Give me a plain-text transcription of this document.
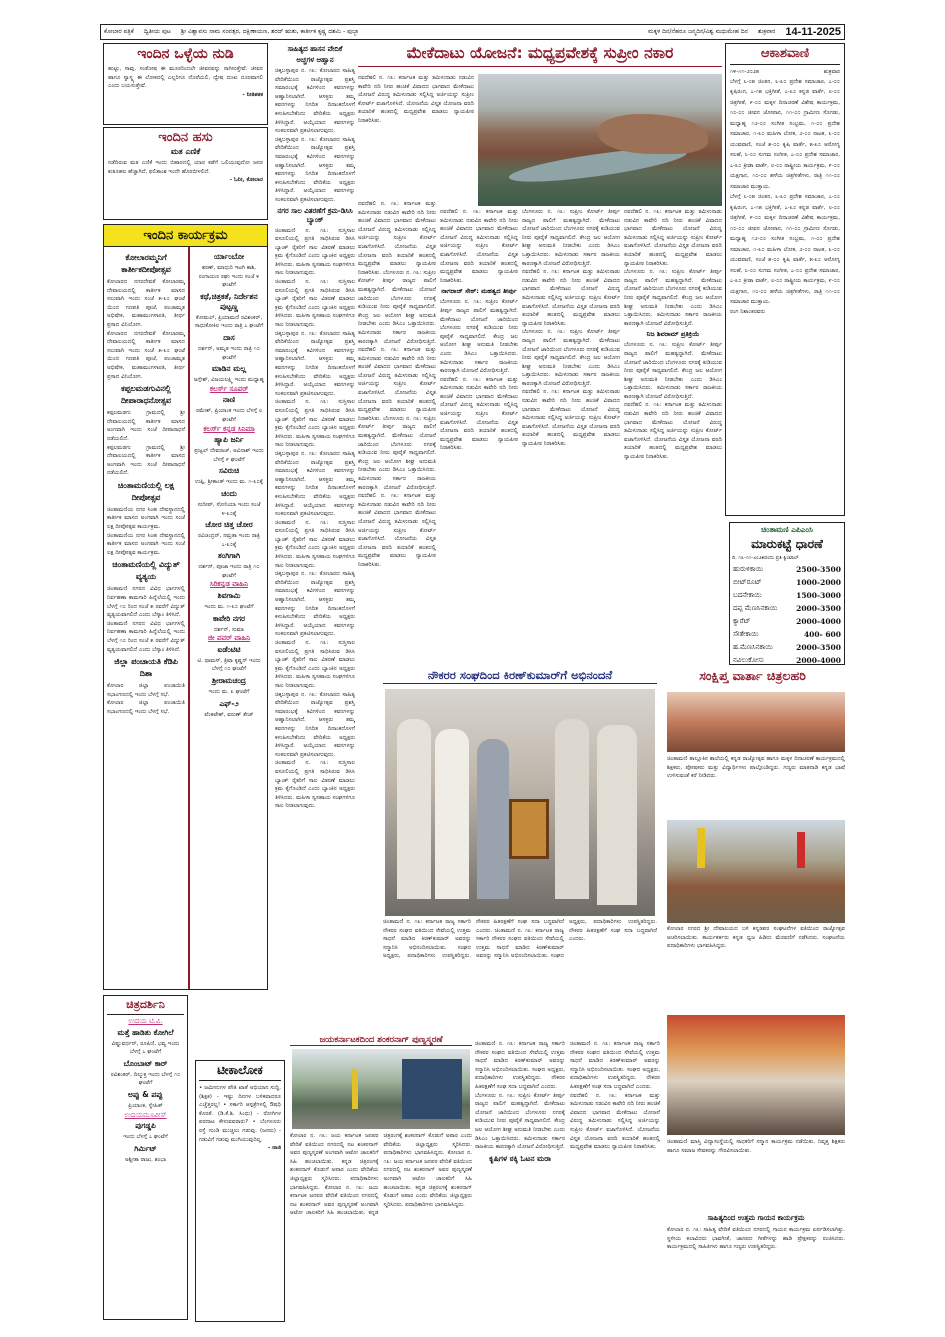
ಕೋಲಾರ ಪತ್ರಿಕೆ ದ್ವಿತೀಯ ಪುಟ ಶ್ರೀ ವಿಶ್ವಾವಸು ನಾಮ ಸಂವತ್ಸರ, ದಕ್ಷಿಣಾಯಣ, ಶರದ್ ಋತು, ಕಾರ್ತೀಕ ಕೃಷ್ಣ ದಶಮಿ - ಪುಬ್ಬಾ	ಮಕ್ಕಳ ದಿನ/ನೆಹರೂ ಜನ್ಮದಿನ/ವಿಶ್ವ ಮಧುಮೇಹ ದಿನ ಶುಕ್ರವಾರ 14-11-2025
ಇಂದಿನ ಒಳ್ಳೆಯ ನುಡಿ
ಹುಟ್ಟು, ಸಾವು, ಸಂತೋಷ ಈ ಮೂರರಿಂದಲೇ ಜೀವನವನ್ನು ಸಾಗಿಸುತ್ತೇವೆ. ಜೀವನ ಹಾಗೂ ಸ್ವಾಸ್ಥ್ಯ ಈ ಲೋಕದಲ್ಲಿ ಎಲ್ಲರಿಗೂ ದೊರೆಯಲಿ, ದ್ವೇಷ ದುಃಖ ದೂರವಾಗಲಿ ಎಂದು ಬಯಸುತ್ತೇವೆ.
- ನೀತಿಶತಕ
ಇಂದಿನ ಹಸು
ಮತ ಎಣಿಕೆ
ನಡೆದಿರುವ ಮತ ಎಣಿಕೆ ಇಂದು ಬಿಹಾರದಲ್ಲಿ ಯಾರ ಕಡೆಗೆ ಒಲಿಯುವುದೋ ಜನರ ಕುತೂಹಲ ಹೆಚ್ಚಾಗಿದೆ, ಫಲಿತಾಂಶ ಇಂದೇ ಹೊರಬೀಳಲಿದೆ.
- ಓನೀ, ಕೋಲಾರ
ಇಂದಿನ ಕಾರ್ಯಕ್ರಮ
ಕೋಲಾರಮ್ಮನಿಗೆ ಕಾರ್ತೀಕದೀಪೋತ್ಸವ
ಕೋಲಾರದ ನಗರದೇವತೆ ಕೋಲಾರಮ್ಮ ದೇವಾಲಯದಲ್ಲಿ ಕಾರ್ತೀಕ ಮಾಸದ ಸಲುವಾಗಿ ಇಂದು ಸಂಜೆ ೫-೩೦ ಘಂಟೆ ಯಿಂದ ಗಣಪತಿ ಪೂಜೆ, ಪಂಚಾಮೃತ ಅಭಿಷೇಕ, ಮಹಾಮಂಗಳಾರತಿ, ತೀರ್ಥ ಪ್ರಸಾದ ವಿನಿಯೋಗ.
ಕೋಲಾರದ ನಗರದೇವತೆ ಕೋಲಾರಮ್ಮ ದೇವಾಲಯದಲ್ಲಿ ಕಾರ್ತೀಕ ಮಾಸದ ಸಲುವಾಗಿ ಇಂದು ಸಂಜೆ ೫-೩೦ ಘಂಟೆ ಯಿಂದ ಗಣಪತಿ ಪೂಜೆ, ಪಂಚಾಮೃತ ಅಭಿಷೇಕ, ಮಹಾಮಂಗಳಾರತಿ, ತೀರ್ಥ ಪ್ರಸಾದ ವಿನಿಯೋಗ.
ಕಪ್ಪಲಮಡಗುವಿನಲ್ಲಿ ದೀಪಾರಾಧನೋತ್ಸವ
ಕಪ್ಪಲಮಡಗು ಗ್ರಾಮದಲ್ಲಿ ಶ್ರೀ ದೇವಾಲಯದಲ್ಲಿ ಕಾರ್ತೀಕ ಮಾಸದ ಅಂಗವಾಗಿ ಇಂದು ಸಂಜೆ ದೀಪಾರಾಧನೆ ನಡೆಯಲಿದೆ.
ಕಪ್ಪಲಮಡಗು ಗ್ರಾಮದಲ್ಲಿ ಶ್ರೀ ದೇವಾಲಯದಲ್ಲಿ ಕಾರ್ತೀಕ ಮಾಸದ ಅಂಗವಾಗಿ ಇಂದು ಸಂಜೆ ದೀಪಾರಾಧನೆ ನಡೆಯಲಿದೆ.
ಚಿಂತಾಮಣಿಯಲ್ಲಿ ಲಕ್ಷ ದೀಪೋತ್ಸವ
ಚಿಂತಾಮಣಿಯ ನಗರ ಸಿಂಹ ದೇವಸ್ಥಾನದಲ್ಲಿ ಕಾರ್ತೀಕ ಮಾಸದ ಅಂಗವಾಗಿ ಇಂದು ಸಂಜೆ ಲಕ್ಷ ದೀಪೋತ್ಸವ ಕಾರ್ಯಕ್ರಮ.
ಚಿಂತಾಮಣಿಯ ನಗರ ಸಿಂಹ ದೇವಸ್ಥಾನದಲ್ಲಿ ಕಾರ್ತೀಕ ಮಾಸದ ಅಂಗವಾಗಿ ಇಂದು ಸಂಜೆ ಲಕ್ಷ ದೀಪೋತ್ಸವ ಕಾರ್ಯಕ್ರಮ.
ಚಿಂತಾಮಣಿಯಲ್ಲಿ ವಿದ್ಯುತ್ ವ್ಯತ್ಯಯ
ಚಿಂತಾಮಣಿ ನಗರದ ವಿವಿಧ ಭಾಗಗಳಲ್ಲಿ ನಿರ್ವಹಣಾ ಕಾಮಗಾರಿ ಹಿನ್ನೆಲೆಯಲ್ಲಿ ಇಂದು ಬೆಳಗ್ಗೆ ೧೦ ರಿಂದ ಸಂಜೆ ೫ ರವರೆಗೆ ವಿದ್ಯುತ್ ವ್ಯತ್ಯಯವಾಗಲಿದೆ ಎಂದು ಬೆಸ್ಕಾಂ ತಿಳಿಸಿದೆ.
ಚಿಂತಾಮಣಿ ನಗರದ ವಿವಿಧ ಭಾಗಗಳಲ್ಲಿ ನಿರ್ವಹಣಾ ಕಾಮಗಾರಿ ಹಿನ್ನೆಲೆಯಲ್ಲಿ ಇಂದು ಬೆಳಗ್ಗೆ ೧೦ ರಿಂದ ಸಂಜೆ ೫ ರವರೆಗೆ ವಿದ್ಯುತ್ ವ್ಯತ್ಯಯವಾಗಲಿದೆ ಎಂದು ಬೆಸ್ಕಾಂ ತಿಳಿಸಿದೆ.
ಜಿಲ್ಲಾ ಪಂಚಾಯತಿ ಕೆಡಿಪಿ ದಿಶಾ
ಕೋಲಾರ ಜಿಲ್ಲಾ ಪಂಚಾಯಿತಿ ಸಭಾಂಗಣದಲ್ಲಿ ಇಂದು ಬೆಳಗ್ಗೆ ಸಭೆ.
ಕೋಲಾರ ಜಿಲ್ಲಾ ಪಂಚಾಯಿತಿ ಸಭಾಂಗಣದಲ್ಲಿ ಇಂದು ಬೆಳಗ್ಗೆ ಸಭೆ.
ರ್ಯಾಂಬೋ
ಶರಣ್, ಮಾಧುರಿ ಇಟಗಿ ಕಾಶಿ, ರಂಗಾಯಣ ರಘು ಇಂದು ಸಂಜೆ ೪ ಘಂಟೆಗೆ
ಕಥೆ,ಚಿತ್ರಕತೆ, ನಿರ್ದೇಶನ ಪುಟ್ಟಣ್ಣ
ಕೋಮಲ್, ಪ್ರಿಯಾಮಣಿ ರವಿಶಂಕರ್, ಸಾಧುಕೋಕಿಲ ಇಂದು ರಾತ್ರಿ ೭ ಘಂಟೆಗೆ
ದಾಸ
ದರ್ಶನ್, ಅಮೃತ ಇಂದು ರಾತ್ರಿ ೧೦ ಘಂಟೆಗೆ
ಮಾಡಿನ ಮಲ್ಲ
ಜಗ್ಗೇಶ್, ವಿಜಯಲಕ್ಷ್ಮಿ ಇಂದು ಮಧ್ಯಾಹ್ನ
ಕಲರ್ಸ್ ಸೂಪರ್
ನಾಣಿ
ರಮೇಶ್, ಪ್ರಿಯಾಂಕ ಇಂದು ಬೆಳಗ್ಗೆ ೮ ಘಂಟೆಗೆ
ಕಲರ್ಸ್ ಕನ್ನಡ ಸಿನಿಮಾ
ಹ್ಯಾಪಿ ಜರ್ನಿ
ಪ್ರಜ್ವಲ್ ದೇವರಾಜ್, ಅವಿನಾಶ್ ಇಂದು ಬೆಳಗ್ಗೆ ೯ ಘಂಟೆಗೆ
ಸವಿರುಚಿ
ಉಪ್ಪಿ, ಶ್ರೀಕಾಂತ್ ಇಂದು ಮ. ೧-೩೦ಕ್ಕೆ
ಚಂದು
ಸುದೀಪ್, ಸೋನಿಯಾ ಇಂದು ಸಂಜೆ ೪-೩೦ಕ್ಕೆ
ಚೋರ ಚಿತ್ತ ಚೋರ
ರವಿಚಂದ್ರನ್, ನಮ್ರತಾ ಇಂದು ರಾತ್ರಿ ೭-೩೦ಕ್ಕೆ
ತಂಗಿಗಾಗಿ
ದರ್ಶನ್, ಪೂಜಾ ಇಂದು ರಾತ್ರಿ ೧೦ ಘಂಟೆಗೆ
ಸಿರಿಕನ್ನಡ ವಾಹಿನಿ
ಶಿವಗಾಮಿ
ಇಂದು ಮ. ೧-೩೦ ಘಂಟೆಗೆ
ಕಾವೇರಿ ನಗರ
ದರ್ಶನ್, ಸುಮಾ
ಜೀ ಪವರ್ ವಾಹಿನಿ
ಐಡೆಂಟಿಟಿ
ಟಿ. ಥಾಮಸ್, ತ್ರಿಷಾ ಕೃಷ್ಣನ್ ಇಂದು ಬೆಳಗ್ಗೆ ೧೦ ಘಂಟೆಗೆ
ಶ್ರೀರಾಮಚಂದ್ರ
ಇಂದು ಮ. ೩ ಘಂಟೆಗೆ
ಎಫ್-೨
ವೆಂಕಟೇಶ್, ವರುಣ್ ತೇಜ್
ಚಿತ್ರದರ್ಶಿನಿ
ಉದಯ ಟಿ.ವಿ.
ಮತ್ತೆ ಹಾಡಿತು ಕೋಗಿಲೆ
ವಿಷ್ಣುವರ್ಧನ್, ರೂಪಿಣಿ, ಭವ್ಯ ಇಂದು ಬೆಳಗ್ಗೆ ೭ ಘಂಟೆಗೆ
ಬೊಂಬಾಟ್ ಕಾರ್
ರವಿಶಂಕರ್, ದಿಲ್ಮುಕ್ತ ಇಂದು ಬೆಳಗ್ಗೆ ೧೦ ಘಂಟೆಗೆ
ಅಪ್ಪು & ಪಪ್ಪು
ಪ್ರಿಯಾಂಕ, ಸ್ನೇಹಿತ್
ಉದಯಮೂವೀಸ್
ಪುಗಡ್ಡಪಿ
ಇಂದು ಬೆಳಗ್ಗೆ ೭ ಘಂಟೆಗೆ
ಗಿರ್ಮಿಟ್
ಅಶ್ಲೀತಾ ರಾಜು, ಶಂಭಾ
ಸಾಹಿತ್ಯದ ಹಾಸನ ವೇದಿಕೆ
ಅಚ್ಚಗಳ ಆಹ್ವಾನ
ಚಿಕ್ಕಬಳ್ಳಾಪುರ ನ. ೧೩: ಕೋಲಾರದ ಸಾಹಿತ್ಯ ವೇದಿಕೆಯಿಂದ ರಾಜ್ಯೋತ್ಸವ ಪ್ರಶಸ್ತಿ ಸಮಾರಂಭಕ್ಕೆ ಕವಿಗಳಿಂದ ಕವನಗಳನ್ನು ಆಹ್ವಾನಿಸಲಾಗಿದೆ. ಆಸಕ್ತರು ತಮ್ಮ ಕವನಗಳನ್ನು ನಿಗದಿತ ದಿನಾಂಕದೊಳಗೆ ಕಳುಹಿಸಬೇಕೆಂದು ವೇದಿಕೆಯ ಅಧ್ಯಕ್ಷರು ತಿಳಿಸಿದ್ದಾರೆ. ಆಯ್ಕೆಯಾದ ಕವನಗಳನ್ನು ಸಂಕಲನವಾಗಿ ಪ್ರಕಟಿಸಲಾಗುವುದು.
ಚಿಕ್ಕಬಳ್ಳಾಪುರ ನ. ೧೩: ಕೋಲಾರದ ಸಾಹಿತ್ಯ ವೇದಿಕೆಯಿಂದ ರಾಜ್ಯೋತ್ಸವ ಪ್ರಶಸ್ತಿ ಸಮಾರಂಭಕ್ಕೆ ಕವಿಗಳಿಂದ ಕವನಗಳನ್ನು ಆಹ್ವಾನಿಸಲಾಗಿದೆ. ಆಸಕ್ತರು ತಮ್ಮ ಕವನಗಳನ್ನು ನಿಗದಿತ ದಿನಾಂಕದೊಳಗೆ ಕಳುಹಿಸಬೇಕೆಂದು ವೇದಿಕೆಯ ಅಧ್ಯಕ್ಷರು ತಿಳಿಸಿದ್ದಾರೆ. ಆಯ್ಕೆಯಾದ ಕವನಗಳನ್ನು ಸಂಕಲನವಾಗಿ ಪ್ರಕಟಿಸಲಾಗುವುದು.
ನಗರ ಸಾಲ ವಿತರಣೆಗೆ ಕ್ರಮ-ಡಿಸಿಸಿ ಬ್ಯಾಂಕ್
ಚಿಂತಾಮಣಿ ನ. ೧೩: ಸುಸ್ತಿಸಾಲ ವಸೂಲಿಯಲ್ಲಿ ಪ್ರಗತಿ ಸಾಧಿಸಿರುವ ಡಿಸಿಸಿ ಬ್ಯಾಂಕ್ ರೈತರಿಗೆ ಸಾಲ ವಿತರಣೆ ಮಾಡಲು ಕ್ರಮ ಕೈಗೊಂಡಿದೆ ಎಂದು ಬ್ಯಾಂಕಿನ ಅಧ್ಯಕ್ಷರು ತಿಳಿಸಿದರು. ಮಹಿಳಾ ಸ್ವಸಹಾಯ ಸಂಘಗಳಿಗೂ ಸಾಲ ನೀಡಲಾಗುವುದು.
ಚಿಂತಾಮಣಿ ನ. ೧೩: ಸುಸ್ತಿಸಾಲ ವಸೂಲಿಯಲ್ಲಿ ಪ್ರಗತಿ ಸಾಧಿಸಿರುವ ಡಿಸಿಸಿ ಬ್ಯಾಂಕ್ ರೈತರಿಗೆ ಸಾಲ ವಿತರಣೆ ಮಾಡಲು ಕ್ರಮ ಕೈಗೊಂಡಿದೆ ಎಂದು ಬ್ಯಾಂಕಿನ ಅಧ್ಯಕ್ಷರು ತಿಳಿಸಿದರು. ಮಹಿಳಾ ಸ್ವಸಹಾಯ ಸಂಘಗಳಿಗೂ ಸಾಲ ನೀಡಲಾಗುವುದು.
ಚಿಕ್ಕಬಳ್ಳಾಪುರ ನ. ೧೩: ಕೋಲಾರದ ಸಾಹಿತ್ಯ ವೇದಿಕೆಯಿಂದ ರಾಜ್ಯೋತ್ಸವ ಪ್ರಶಸ್ತಿ ಸಮಾರಂಭಕ್ಕೆ ಕವಿಗಳಿಂದ ಕವನಗಳನ್ನು ಆಹ್ವಾನಿಸಲಾಗಿದೆ. ಆಸಕ್ತರು ತಮ್ಮ ಕವನಗಳನ್ನು ನಿಗದಿತ ದಿನಾಂಕದೊಳಗೆ ಕಳುಹಿಸಬೇಕೆಂದು ವೇದಿಕೆಯ ಅಧ್ಯಕ್ಷರು ತಿಳಿಸಿದ್ದಾರೆ. ಆಯ್ಕೆಯಾದ ಕವನಗಳನ್ನು ಸಂಕಲನವಾಗಿ ಪ್ರಕಟಿಸಲಾಗುವುದು.
ಚಿಂತಾಮಣಿ ನ. ೧೩: ಸುಸ್ತಿಸಾಲ ವಸೂಲಿಯಲ್ಲಿ ಪ್ರಗತಿ ಸಾಧಿಸಿರುವ ಡಿಸಿಸಿ ಬ್ಯಾಂಕ್ ರೈತರಿಗೆ ಸಾಲ ವಿತರಣೆ ಮಾಡಲು ಕ್ರಮ ಕೈಗೊಂಡಿದೆ ಎಂದು ಬ್ಯಾಂಕಿನ ಅಧ್ಯಕ್ಷರು ತಿಳಿಸಿದರು. ಮಹಿಳಾ ಸ್ವಸಹಾಯ ಸಂಘಗಳಿಗೂ ಸಾಲ ನೀಡಲಾಗುವುದು.
ಚಿಕ್ಕಬಳ್ಳಾಪುರ ನ. ೧೩: ಕೋಲಾರದ ಸಾಹಿತ್ಯ ವೇದಿಕೆಯಿಂದ ರಾಜ್ಯೋತ್ಸವ ಪ್ರಶಸ್ತಿ ಸಮಾರಂಭಕ್ಕೆ ಕವಿಗಳಿಂದ ಕವನಗಳನ್ನು ಆಹ್ವಾನಿಸಲಾಗಿದೆ. ಆಸಕ್ತರು ತಮ್ಮ ಕವನಗಳನ್ನು ನಿಗದಿತ ದಿನಾಂಕದೊಳಗೆ ಕಳುಹಿಸಬೇಕೆಂದು ವೇದಿಕೆಯ ಅಧ್ಯಕ್ಷರು ತಿಳಿಸಿದ್ದಾರೆ. ಆಯ್ಕೆಯಾದ ಕವನಗಳನ್ನು ಸಂಕಲನವಾಗಿ ಪ್ರಕಟಿಸಲಾಗುವುದು.
ಚಿಂತಾಮಣಿ ನ. ೧೩: ಸುಸ್ತಿಸಾಲ ವಸೂಲಿಯಲ್ಲಿ ಪ್ರಗತಿ ಸಾಧಿಸಿರುವ ಡಿಸಿಸಿ ಬ್ಯಾಂಕ್ ರೈತರಿಗೆ ಸಾಲ ವಿತರಣೆ ಮಾಡಲು ಕ್ರಮ ಕೈಗೊಂಡಿದೆ ಎಂದು ಬ್ಯಾಂಕಿನ ಅಧ್ಯಕ್ಷರು ತಿಳಿಸಿದರು. ಮಹಿಳಾ ಸ್ವಸಹಾಯ ಸಂಘಗಳಿಗೂ ಸಾಲ ನೀಡಲಾಗುವುದು.
ಚಿಕ್ಕಬಳ್ಳಾಪುರ ನ. ೧೩: ಕೋಲಾರದ ಸಾಹಿತ್ಯ ವೇದಿಕೆಯಿಂದ ರಾಜ್ಯೋತ್ಸವ ಪ್ರಶಸ್ತಿ ಸಮಾರಂಭಕ್ಕೆ ಕವಿಗಳಿಂದ ಕವನಗಳನ್ನು ಆಹ್ವಾನಿಸಲಾಗಿದೆ. ಆಸಕ್ತರು ತಮ್ಮ ಕವನಗಳನ್ನು ನಿಗದಿತ ದಿನಾಂಕದೊಳಗೆ ಕಳುಹಿಸಬೇಕೆಂದು ವೇದಿಕೆಯ ಅಧ್ಯಕ್ಷರು ತಿಳಿಸಿದ್ದಾರೆ. ಆಯ್ಕೆಯಾದ ಕವನಗಳನ್ನು ಸಂಕಲನವಾಗಿ ಪ್ರಕಟಿಸಲಾಗುವುದು.
ಚಿಂತಾಮಣಿ ನ. ೧೩: ಸುಸ್ತಿಸಾಲ ವಸೂಲಿಯಲ್ಲಿ ಪ್ರಗತಿ ಸಾಧಿಸಿರುವ ಡಿಸಿಸಿ ಬ್ಯಾಂಕ್ ರೈತರಿಗೆ ಸಾಲ ವಿತರಣೆ ಮಾಡಲು ಕ್ರಮ ಕೈಗೊಂಡಿದೆ ಎಂದು ಬ್ಯಾಂಕಿನ ಅಧ್ಯಕ್ಷರು ತಿಳಿಸಿದರು. ಮಹಿಳಾ ಸ್ವಸಹಾಯ ಸಂಘಗಳಿಗೂ ಸಾಲ ನೀಡಲಾಗುವುದು.
ಚಿಕ್ಕಬಳ್ಳಾಪುರ ನ. ೧೩: ಕೋಲಾರದ ಸಾಹಿತ್ಯ ವೇದಿಕೆಯಿಂದ ರಾಜ್ಯೋತ್ಸವ ಪ್ರಶಸ್ತಿ ಸಮಾರಂಭಕ್ಕೆ ಕವಿಗಳಿಂದ ಕವನಗಳನ್ನು ಆಹ್ವಾನಿಸಲಾಗಿದೆ. ಆಸಕ್ತರು ತಮ್ಮ ಕವನಗಳನ್ನು ನಿಗದಿತ ದಿನಾಂಕದೊಳಗೆ ಕಳುಹಿಸಬೇಕೆಂದು ವೇದಿಕೆಯ ಅಧ್ಯಕ್ಷರು ತಿಳಿಸಿದ್ದಾರೆ. ಆಯ್ಕೆಯಾದ ಕವನಗಳನ್ನು ಸಂಕಲನವಾಗಿ ಪ್ರಕಟಿಸಲಾಗುವುದು.
ಚಿಂತಾಮಣಿ ನ. ೧೩: ಸುಸ್ತಿಸಾಲ ವಸೂಲಿಯಲ್ಲಿ ಪ್ರಗತಿ ಸಾಧಿಸಿರುವ ಡಿಸಿಸಿ ಬ್ಯಾಂಕ್ ರೈತರಿಗೆ ಸಾಲ ವಿತರಣೆ ಮಾಡಲು ಕ್ರಮ ಕೈಗೊಂಡಿದೆ ಎಂದು ಬ್ಯಾಂಕಿನ ಅಧ್ಯಕ್ಷರು ತಿಳಿಸಿದರು. ಮಹಿಳಾ ಸ್ವಸಹಾಯ ಸಂಘಗಳಿಗೂ ಸಾಲ ನೀಡಲಾಗುವುದು.
ಮೇಕೆದಾಟು ಯೋಜನೆ: ಮಧ್ಯಪ್ರವೇಶಕ್ಕೆ ಸುಪ್ರೀಂ ನಕಾರ
ನವದೆಹಲಿ ನ. ೧೩: ಕರ್ನಾಟಕ ಮತ್ತು ತಮಿಳುನಾಡು ನಡುವಿನ ಕಾವೇರಿ ನದಿ ನೀರು ಹಂಚಿಕೆ ವಿವಾದದ ಭಾಗವಾದ ಮೇಕೆದಾಟು ಯೋಜನೆ ವಿರುದ್ಧ ತಮಿಳುನಾಡು ಸಲ್ಲಿಸಿದ್ದ ಅರ್ಜಿಯನ್ನು ಸುಪ್ರೀಂ ಕೋರ್ಟ್ ವಜಾಗೊಳಿಸಿದೆ. ಯೋಜನೆಯ ವಿಸ್ತೃತ ಯೋಜನಾ ವರದಿ ತಯಾರಿಕೆ ಹಂತದಲ್ಲಿ ಮಧ್ಯಪ್ರವೇಶ ಮಾಡಲು ನ್ಯಾಯಪೀಠ ನಿರಾಕರಿಸಿತು.
ನವದೆಹಲಿ ನ. ೧೩: ಕರ್ನಾಟಕ ಮತ್ತು ತಮಿಳುನಾಡು ನಡುವಿನ ಕಾವೇರಿ ನದಿ ನೀರು ಹಂಚಿಕೆ ವಿವಾದದ ಭಾಗವಾದ ಮೇಕೆದಾಟು ಯೋಜನೆ ವಿರುದ್ಧ ತಮಿಳುನಾಡು ಸಲ್ಲಿಸಿದ್ದ ಅರ್ಜಿಯನ್ನು ಸುಪ್ರೀಂ ಕೋರ್ಟ್ ವಜಾಗೊಳಿಸಿದೆ. ಯೋಜನೆಯ ವಿಸ್ತೃತ ಯೋಜನಾ ವರದಿ ತಯಾರಿಕೆ ಹಂತದಲ್ಲಿ ಮಧ್ಯಪ್ರವೇಶ ಮಾಡಲು ನ್ಯಾಯಪೀಠ ನಿರಾಕರಿಸಿತು. ಬೆಂಗಳೂರು ನ. ೧೩: ಸುಪ್ರೀಂ ಕೋರ್ಟ್ ತೀರ್ಪು ರಾಜ್ಯದ ಪಾಲಿಗೆ ಮಹತ್ವದ್ದಾಗಿದೆ. ಮೇಕೆದಾಟು ಯೋಜನೆ ಜಾರಿಯಿಂದ ಬೆಂಗಳೂರು ನಗರಕ್ಕೆ ಕುಡಿಯುವ ನೀರು ಪೂರೈಕೆ ಸಾಧ್ಯವಾಗಲಿದೆ. ಕೇಂದ್ರ ಜಲ ಆಯೋಗ ಶೀಘ್ರ ಅನುಮತಿ ನೀಡಬೇಕು ಎಂದು ಡಿಸಿಎಂ ಒತ್ತಾಯಿಸಿದರು. ತಮಿಳುನಾಡು ಸರ್ಕಾರ ರಾಜಕೀಯ ಕಾರಣಕ್ಕಾಗಿ ಯೋಜನೆ ವಿರೋಧಿಸುತ್ತಿದೆ. ನವದೆಹಲಿ ನ. ೧೩: ಕರ್ನಾಟಕ ಮತ್ತು ತಮಿಳುನಾಡು ನಡುವಿನ ಕಾವೇರಿ ನದಿ ನೀರು ಹಂಚಿಕೆ ವಿವಾದದ ಭಾಗವಾದ ಮೇಕೆದಾಟು ಯೋಜನೆ ವಿರುದ್ಧ ತಮಿಳುನಾಡು ಸಲ್ಲಿಸಿದ್ದ ಅರ್ಜಿಯನ್ನು ಸುಪ್ರೀಂ ಕೋರ್ಟ್ ವಜಾಗೊಳಿಸಿದೆ. ಯೋಜನೆಯ ವಿಸ್ತೃತ ಯೋಜನಾ ವರದಿ ತಯಾರಿಕೆ ಹಂತದಲ್ಲಿ ಮಧ್ಯಪ್ರವೇಶ ಮಾಡಲು ನ್ಯಾಯಪೀಠ ನಿರಾಕರಿಸಿತು. ಬೆಂಗಳೂರು ನ. ೧೩: ಸುಪ್ರೀಂ ಕೋರ್ಟ್ ತೀರ್ಪು ರಾಜ್ಯದ ಪಾಲಿಗೆ ಮಹತ್ವದ್ದಾಗಿದೆ. ಮೇಕೆದಾಟು ಯೋಜನೆ ಜಾರಿಯಿಂದ ಬೆಂಗಳೂರು ನಗರಕ್ಕೆ ಕುಡಿಯುವ ನೀರು ಪೂರೈಕೆ ಸಾಧ್ಯವಾಗಲಿದೆ. ಕೇಂದ್ರ ಜಲ ಆಯೋಗ ಶೀಘ್ರ ಅನುಮತಿ ನೀಡಬೇಕು ಎಂದು ಡಿಸಿಎಂ ಒತ್ತಾಯಿಸಿದರು. ತಮಿಳುನಾಡು ಸರ್ಕಾರ ರಾಜಕೀಯ ಕಾರಣಕ್ಕಾಗಿ ಯೋಜನೆ ವಿರೋಧಿಸುತ್ತಿದೆ. ನವದೆಹಲಿ ನ. ೧೩: ಕರ್ನಾಟಕ ಮತ್ತು ತಮಿಳುನಾಡು ನಡುವಿನ ಕಾವೇರಿ ನದಿ ನೀರು ಹಂಚಿಕೆ ವಿವಾದದ ಭಾಗವಾದ ಮೇಕೆದಾಟು ಯೋಜನೆ ವಿರುದ್ಧ ತಮಿಳುನಾಡು ಸಲ್ಲಿಸಿದ್ದ ಅರ್ಜಿಯನ್ನು ಸುಪ್ರೀಂ ಕೋರ್ಟ್ ವಜಾಗೊಳಿಸಿದೆ. ಯೋಜನೆಯ ವಿಸ್ತೃತ ಯೋಜನಾ ವರದಿ ತಯಾರಿಕೆ ಹಂತದಲ್ಲಿ ಮಧ್ಯಪ್ರವೇಶ ಮಾಡಲು ನ್ಯಾಯಪೀಠ ನಿರಾಕರಿಸಿತು.
ನವದೆಹಲಿ ನ. ೧೩: ಕರ್ನಾಟಕ ಮತ್ತು ತಮಿಳುನಾಡು ನಡುವಿನ ಕಾವೇರಿ ನದಿ ನೀರು ಹಂಚಿಕೆ ವಿವಾದದ ಭಾಗವಾದ ಮೇಕೆದಾಟು ಯೋಜನೆ ವಿರುದ್ಧ ತಮಿಳುನಾಡು ಸಲ್ಲಿಸಿದ್ದ ಅರ್ಜಿಯನ್ನು ಸುಪ್ರೀಂ ಕೋರ್ಟ್ ವಜಾಗೊಳಿಸಿದೆ. ಯೋಜನೆಯ ವಿಸ್ತೃತ ಯೋಜನಾ ವರದಿ ತಯಾರಿಕೆ ಹಂತದಲ್ಲಿ ಮಧ್ಯಪ್ರವೇಶ ಮಾಡಲು ನ್ಯಾಯಪೀಠ ನಿರಾಕರಿಸಿತು.
ನಾಗರಾಜ್ ಸೇಠ್: ಮಹತ್ವದ ತೀರ್ಪು
ಬೆಂಗಳೂರು ನ. ೧೩: ಸುಪ್ರೀಂ ಕೋರ್ಟ್ ತೀರ್ಪು ರಾಜ್ಯದ ಪಾಲಿಗೆ ಮಹತ್ವದ್ದಾಗಿದೆ. ಮೇಕೆದಾಟು ಯೋಜನೆ ಜಾರಿಯಿಂದ ಬೆಂಗಳೂರು ನಗರಕ್ಕೆ ಕುಡಿಯುವ ನೀರು ಪೂರೈಕೆ ಸಾಧ್ಯವಾಗಲಿದೆ. ಕೇಂದ್ರ ಜಲ ಆಯೋಗ ಶೀಘ್ರ ಅನುಮತಿ ನೀಡಬೇಕು ಎಂದು ಡಿಸಿಎಂ ಒತ್ತಾಯಿಸಿದರು. ತಮಿಳುನಾಡು ಸರ್ಕಾರ ರಾಜಕೀಯ ಕಾರಣಕ್ಕಾಗಿ ಯೋಜನೆ ವಿರೋಧಿಸುತ್ತಿದೆ.
ನವದೆಹಲಿ ನ. ೧೩: ಕರ್ನಾಟಕ ಮತ್ತು ತಮಿಳುನಾಡು ನಡುವಿನ ಕಾವೇರಿ ನದಿ ನೀರು ಹಂಚಿಕೆ ವಿವಾದದ ಭಾಗವಾದ ಮೇಕೆದಾಟು ಯೋಜನೆ ವಿರುದ್ಧ ತಮಿಳುನಾಡು ಸಲ್ಲಿಸಿದ್ದ ಅರ್ಜಿಯನ್ನು ಸುಪ್ರೀಂ ಕೋರ್ಟ್ ವಜಾಗೊಳಿಸಿದೆ. ಯೋಜನೆಯ ವಿಸ್ತೃತ ಯೋಜನಾ ವರದಿ ತಯಾರಿಕೆ ಹಂತದಲ್ಲಿ ಮಧ್ಯಪ್ರವೇಶ ಮಾಡಲು ನ್ಯಾಯಪೀಠ ನಿರಾಕರಿಸಿತು.
ಬೆಂಗಳೂರು ನ. ೧೩: ಸುಪ್ರೀಂ ಕೋರ್ಟ್ ತೀರ್ಪು ರಾಜ್ಯದ ಪಾಲಿಗೆ ಮಹತ್ವದ್ದಾಗಿದೆ. ಮೇಕೆದಾಟು ಯೋಜನೆ ಜಾರಿಯಿಂದ ಬೆಂಗಳೂರು ನಗರಕ್ಕೆ ಕುಡಿಯುವ ನೀರು ಪೂರೈಕೆ ಸಾಧ್ಯವಾಗಲಿದೆ. ಕೇಂದ್ರ ಜಲ ಆಯೋಗ ಶೀಘ್ರ ಅನುಮತಿ ನೀಡಬೇಕು ಎಂದು ಡಿಸಿಎಂ ಒತ್ತಾಯಿಸಿದರು. ತಮಿಳುನಾಡು ಸರ್ಕಾರ ರಾಜಕೀಯ ಕಾರಣಕ್ಕಾಗಿ ಯೋಜನೆ ವಿರೋಧಿಸುತ್ತಿದೆ.
ನವದೆಹಲಿ ನ. ೧೩: ಕರ್ನಾಟಕ ಮತ್ತು ತಮಿಳುನಾಡು ನಡುವಿನ ಕಾವೇರಿ ನದಿ ನೀರು ಹಂಚಿಕೆ ವಿವಾದದ ಭಾಗವಾದ ಮೇಕೆದಾಟು ಯೋಜನೆ ವಿರುದ್ಧ ತಮಿಳುನಾಡು ಸಲ್ಲಿಸಿದ್ದ ಅರ್ಜಿಯನ್ನು ಸುಪ್ರೀಂ ಕೋರ್ಟ್ ವಜಾಗೊಳಿಸಿದೆ. ಯೋಜನೆಯ ವಿಸ್ತೃತ ಯೋಜನಾ ವರದಿ ತಯಾರಿಕೆ ಹಂತದಲ್ಲಿ ಮಧ್ಯಪ್ರವೇಶ ಮಾಡಲು ನ್ಯಾಯಪೀಠ ನಿರಾಕರಿಸಿತು.
ಬೆಂಗಳೂರು ನ. ೧೩: ಸುಪ್ರೀಂ ಕೋರ್ಟ್ ತೀರ್ಪು ರಾಜ್ಯದ ಪಾಲಿಗೆ ಮಹತ್ವದ್ದಾಗಿದೆ. ಮೇಕೆದಾಟು ಯೋಜನೆ ಜಾರಿಯಿಂದ ಬೆಂಗಳೂರು ನಗರಕ್ಕೆ ಕುಡಿಯುವ ನೀರು ಪೂರೈಕೆ ಸಾಧ್ಯವಾಗಲಿದೆ. ಕೇಂದ್ರ ಜಲ ಆಯೋಗ ಶೀಘ್ರ ಅನುಮತಿ ನೀಡಬೇಕು ಎಂದು ಡಿಸಿಎಂ ಒತ್ತಾಯಿಸಿದರು. ತಮಿಳುನಾಡು ಸರ್ಕಾರ ರಾಜಕೀಯ ಕಾರಣಕ್ಕಾಗಿ ಯೋಜನೆ ವಿರೋಧಿಸುತ್ತಿದೆ.
ನವದೆಹಲಿ ನ. ೧೩: ಕರ್ನಾಟಕ ಮತ್ತು ತಮಿಳುನಾಡು ನಡುವಿನ ಕಾವೇರಿ ನದಿ ನೀರು ಹಂಚಿಕೆ ವಿವಾದದ ಭಾಗವಾದ ಮೇಕೆದಾಟು ಯೋಜನೆ ವಿರುದ್ಧ ತಮಿಳುನಾಡು ಸಲ್ಲಿಸಿದ್ದ ಅರ್ಜಿಯನ್ನು ಸುಪ್ರೀಂ ಕೋರ್ಟ್ ವಜಾಗೊಳಿಸಿದೆ. ಯೋಜನೆಯ ವಿಸ್ತೃತ ಯೋಜನಾ ವರದಿ ತಯಾರಿಕೆ ಹಂತದಲ್ಲಿ ಮಧ್ಯಪ್ರವೇಶ ಮಾಡಲು ನ್ಯಾಯಪೀಠ ನಿರಾಕರಿಸಿತು.
ನವದೆಹಲಿ ನ. ೧೩: ಕರ್ನಾಟಕ ಮತ್ತು ತಮಿಳುನಾಡು ನಡುವಿನ ಕಾವೇರಿ ನದಿ ನೀರು ಹಂಚಿಕೆ ವಿವಾದದ ಭಾಗವಾದ ಮೇಕೆದಾಟು ಯೋಜನೆ ವಿರುದ್ಧ ತಮಿಳುನಾಡು ಸಲ್ಲಿಸಿದ್ದ ಅರ್ಜಿಯನ್ನು ಸುಪ್ರೀಂ ಕೋರ್ಟ್ ವಜಾಗೊಳಿಸಿದೆ. ಯೋಜನೆಯ ವಿಸ್ತೃತ ಯೋಜನಾ ವರದಿ ತಯಾರಿಕೆ ಹಂತದಲ್ಲಿ ಮಧ್ಯಪ್ರವೇಶ ಮಾಡಲು ನ್ಯಾಯಪೀಠ ನಿರಾಕರಿಸಿತು.
ಬೆಂಗಳೂರು ನ. ೧೩: ಸುಪ್ರೀಂ ಕೋರ್ಟ್ ತೀರ್ಪು ರಾಜ್ಯದ ಪಾಲಿಗೆ ಮಹತ್ವದ್ದಾಗಿದೆ. ಮೇಕೆದಾಟು ಯೋಜನೆ ಜಾರಿಯಿಂದ ಬೆಂಗಳೂರು ನಗರಕ್ಕೆ ಕುಡಿಯುವ ನೀರು ಪೂರೈಕೆ ಸಾಧ್ಯವಾಗಲಿದೆ. ಕೇಂದ್ರ ಜಲ ಆಯೋಗ ಶೀಘ್ರ ಅನುಮತಿ ನೀಡಬೇಕು ಎಂದು ಡಿಸಿಎಂ ಒತ್ತಾಯಿಸಿದರು. ತಮಿಳುನಾಡು ಸರ್ಕಾರ ರಾಜಕೀಯ ಕಾರಣಕ್ಕಾಗಿ ಯೋಜನೆ ವಿರೋಧಿಸುತ್ತಿದೆ.
ನಿಜ ಶಿವರಾಮ್ ಪ್ರತಿಕ್ರಿಯೆ
ಬೆಂಗಳೂರು ನ. ೧೩: ಸುಪ್ರೀಂ ಕೋರ್ಟ್ ತೀರ್ಪು ರಾಜ್ಯದ ಪಾಲಿಗೆ ಮಹತ್ವದ್ದಾಗಿದೆ. ಮೇಕೆದಾಟು ಯೋಜನೆ ಜಾರಿಯಿಂದ ಬೆಂಗಳೂರು ನಗರಕ್ಕೆ ಕುಡಿಯುವ ನೀರು ಪೂರೈಕೆ ಸಾಧ್ಯವಾಗಲಿದೆ. ಕೇಂದ್ರ ಜಲ ಆಯೋಗ ಶೀಘ್ರ ಅನುಮತಿ ನೀಡಬೇಕು ಎಂದು ಡಿಸಿಎಂ ಒತ್ತಾಯಿಸಿದರು. ತಮಿಳುನಾಡು ಸರ್ಕಾರ ರಾಜಕೀಯ ಕಾರಣಕ್ಕಾಗಿ ಯೋಜನೆ ವಿರೋಧಿಸುತ್ತಿದೆ.
ನವದೆಹಲಿ ನ. ೧೩: ಕರ್ನಾಟಕ ಮತ್ತು ತಮಿಳುನಾಡು ನಡುವಿನ ಕಾವೇರಿ ನದಿ ನೀರು ಹಂಚಿಕೆ ವಿವಾದದ ಭಾಗವಾದ ಮೇಕೆದಾಟು ಯೋಜನೆ ವಿರುದ್ಧ ತಮಿಳುನಾಡು ಸಲ್ಲಿಸಿದ್ದ ಅರ್ಜಿಯನ್ನು ಸುಪ್ರೀಂ ಕೋರ್ಟ್ ವಜಾಗೊಳಿಸಿದೆ. ಯೋಜನೆಯ ವಿಸ್ತೃತ ಯೋಜನಾ ವರದಿ ತಯಾರಿಕೆ ಹಂತದಲ್ಲಿ ಮಧ್ಯಪ್ರವೇಶ ಮಾಡಲು ನ್ಯಾಯಪೀಠ ನಿರಾಕರಿಸಿತು.
ಆಕಾಶವಾಣಿ
೧೪-೧೧-೨೦೨೫	ಶುಕ್ರವಾರ
ಬೆಳಗ್ಗೆ ೬-೦೫ ಚಿಂತನ, ೬-೩೦ ಪ್ರದೇಶ ಸಮಾಚಾರ, ೭-೦೦ ಕೃಷಿರಂಗ, ೭-೧೫ ಭಕ್ತಿಗೀತೆ, ೭-೩೦ ಕನ್ನಡ ವಾರ್ತೆ, ೮-೦೦ ಚಿತ್ರಗೀತೆ, ೯-೦೦ ಮಕ್ಕಳ ದಿನಾಚರಣೆ ವಿಶೇಷ ಕಾರ್ಯಕ್ರಮ, ೧೦-೦೦ ಜೀವನ ಜೋಪಾನ, ೧೧-೦೦ ಗ್ರಾಮೀಣ ಸೊಗಡು, ಮಧ್ಯಾಹ್ನ ೧೨-೦೦ ಸಂಗೀತ ಸಂಭ್ರಮ, ೧-೦೦ ಪ್ರದೇಶ ಸಮಾಚಾರ, ೧-೩೦ ಮಹಿಳಾ ಲೋಕ, ೨-೦೦ ನಾಟಕ, ೩-೦೦ ಯುವವಾಣಿ, ಸಂಜೆ ೫-೦೦ ಕೃಷಿ ವಾರ್ತೆ, ೫-೩೦ ಆರೋಗ್ಯ ಸಲಹೆ, ೬-೦೦ ಸುಗಮ ಸಂಗೀತ, ೭-೦೦ ಪ್ರದೇಶ ಸಮಾಚಾರ, ೭-೩೦ ಕ್ರೀಡಾ ವಾರ್ತೆ, ೮-೦೦ ರಾಷ್ಟ್ರೀಯ ಕಾರ್ಯಕ್ರಮ, ೯-೦೦ ಯಕ್ಷಗಾನ, ೧೦-೦೦ ಹಳೆಯ ಚಿತ್ರಗೀತೆಗಳು, ರಾತ್ರಿ ೧೧-೦೦ ಸಮಾಚಾರ ಮುಕ್ತಾಯ.
ಬೆಳಗ್ಗೆ ೬-೦೫ ಚಿಂತನ, ೬-೩೦ ಪ್ರದೇಶ ಸಮಾಚಾರ, ೭-೦೦ ಕೃಷಿರಂಗ, ೭-೧೫ ಭಕ್ತಿಗೀತೆ, ೭-೩೦ ಕನ್ನಡ ವಾರ್ತೆ, ೮-೦೦ ಚಿತ್ರಗೀತೆ, ೯-೦೦ ಮಕ್ಕಳ ದಿನಾಚರಣೆ ವಿಶೇಷ ಕಾರ್ಯಕ್ರಮ, ೧೦-೦೦ ಜೀವನ ಜೋಪಾನ, ೧೧-೦೦ ಗ್ರಾಮೀಣ ಸೊಗಡು, ಮಧ್ಯಾಹ್ನ ೧೨-೦೦ ಸಂಗೀತ ಸಂಭ್ರಮ, ೧-೦೦ ಪ್ರದೇಶ ಸಮಾಚಾರ, ೧-೩೦ ಮಹಿಳಾ ಲೋಕ, ೨-೦೦ ನಾಟಕ, ೩-೦೦ ಯುವವಾಣಿ, ಸಂಜೆ ೫-೦೦ ಕೃಷಿ ವಾರ್ತೆ, ೫-೩೦ ಆರೋಗ್ಯ ಸಲಹೆ, ೬-೦೦ ಸುಗಮ ಸಂಗೀತ, ೭-೦೦ ಪ್ರದೇಶ ಸಮಾಚಾರ, ೭-೩೦ ಕ್ರೀಡಾ ವಾರ್ತೆ, ೮-೦೦ ರಾಷ್ಟ್ರೀಯ ಕಾರ್ಯಕ್ರಮ, ೯-೦೦ ಯಕ್ಷಗಾನ, ೧೦-೦೦ ಹಳೆಯ ಚಿತ್ರಗೀತೆಗಳು, ರಾತ್ರಿ ೧೧-೦೦ ಸಮಾಚಾರ ಮುಕ್ತಾಯ.
ರಂಗ ನಿಶಾಂತರವರು
ಚಿಂತಾಮಣಿ ಎಪಿಎಂಸಿ
ಮಾರುಕಟ್ಟೆ ಧಾರಣೆ
ದಿ. ೧೩-೧೧-೨೦೨೫ರಂದು ಪ್ರತಿ ಕ್ವಿಂಟಾಲ್
ಹುರುಳಿಕಾಯಿ	2500-3500
ಬೀಟ್‌ರೂಟ್	1000-2000
ಬದನೇಕಾಯಿ	1500-3000
ದಪ್ಪ ಮೆಣಸಿನಕಾಯಿ 2000-3500
ಕ್ಯಾರೆಟ್	2000-4000
ಸೌತೇಕಾಯಿ	400- 600
ಹ.ಮೆಣಸಿನಕಾಯಿ	2000-3500
ನವಿಲುಕೋಸು	2000-4000
ನೌಕರರ ಸಂಘದಿಂದ ಕಿರಣ್‌ಕುಮಾರ್‌ಗೆ ಅಭಿನಂದನೆ
ಚಿಂತಾಮಣಿ ನ. ೧೩: ಕರ್ನಾಟಕ ರಾಜ್ಯ ಸರ್ಕಾರಿ ನೌಕರರ ಸಂಘದ ವತಿಯಿಂದ ಸೇವೆಯಲ್ಲಿ ಉತ್ತಮ ಸಾಧನೆ ಮಾಡಿದ ಕಿರಣ್‌ಕುಮಾರ್ ಅವರನ್ನು ಸನ್ಮಾನಿಸಿ ಅಭಿನಂದಿಸಲಾಯಿತು. ಸಂಘದ ಅಧ್ಯಕ್ಷರು, ಪದಾಧಿಕಾರಿಗಳು ಉಪಸ್ಥಿತರಿದ್ದರು. ನೌಕರರ ಹಿತರಕ್ಷಣೆಗೆ ಸಂಘ ಸದಾ ಬದ್ಧವಾಗಿದೆ ಎಂದರು. ಚಿಂತಾಮಣಿ ನ. ೧೩: ಕರ್ನಾಟಕ ರಾಜ್ಯ ಸರ್ಕಾರಿ ನೌಕರರ ಸಂಘದ ವತಿಯಿಂದ ಸೇವೆಯಲ್ಲಿ ಉತ್ತಮ ಸಾಧನೆ ಮಾಡಿದ ಕಿರಣ್‌ಕುಮಾರ್ ಅವರನ್ನು ಸನ್ಮಾನಿಸಿ ಅಭಿನಂದಿಸಲಾಯಿತು. ಸಂಘದ ಅಧ್ಯಕ್ಷರು, ಪದಾಧಿಕಾರಿಗಳು ಉಪಸ್ಥಿತರಿದ್ದರು. ನೌಕರರ ಹಿತರಕ್ಷಣೆಗೆ ಸಂಘ ಸದಾ ಬದ್ಧವಾಗಿದೆ ಎಂದರು.
ಚಿಂತಾಮಣಿ ನ. ೧೩: ಕರ್ನಾಟಕ ರಾಜ್ಯ ಸರ್ಕಾರಿ ನೌಕರರ ಸಂಘದ ವತಿಯಿಂದ ಸೇವೆಯಲ್ಲಿ ಉತ್ತಮ ಸಾಧನೆ ಮಾಡಿದ ಕಿರಣ್‌ಕುಮಾರ್ ಅವರನ್ನು ಸನ್ಮಾನಿಸಿ ಅಭಿನಂದಿಸಲಾಯಿತು. ಸಂಘದ ಅಧ್ಯಕ್ಷರು, ಪದಾಧಿಕಾರಿಗಳು ಉಪಸ್ಥಿತರಿದ್ದರು. ನೌಕರರ ಹಿತರಕ್ಷಣೆಗೆ ಸಂಘ ಸದಾ ಬದ್ಧವಾಗಿದೆ ಎಂದರು.
ಬೆಂಗಳೂರು ನ. ೧೩: ಸುಪ್ರೀಂ ಕೋರ್ಟ್ ತೀರ್ಪು ರಾಜ್ಯದ ಪಾಲಿಗೆ ಮಹತ್ವದ್ದಾಗಿದೆ. ಮೇಕೆದಾಟು ಯೋಜನೆ ಜಾರಿಯಿಂದ ಬೆಂಗಳೂರು ನಗರಕ್ಕೆ ಕುಡಿಯುವ ನೀರು ಪೂರೈಕೆ ಸಾಧ್ಯವಾಗಲಿದೆ. ಕೇಂದ್ರ ಜಲ ಆಯೋಗ ಶೀಘ್ರ ಅನುಮತಿ ನೀಡಬೇಕು ಎಂದು ಡಿಸಿಎಂ ಒತ್ತಾಯಿಸಿದರು. ತಮಿಳುನಾಡು ಸರ್ಕಾರ ರಾಜಕೀಯ ಕಾರಣಕ್ಕಾಗಿ ಯೋಜನೆ ವಿರೋಧಿಸುತ್ತಿದೆ.
ಕೃಷಿಗಳ ಠಕ್ಕಿ ಓಟನ ಮರಾ
ಚಿಂತಾಮಣಿ ನ. ೧೩: ಕರ್ನಾಟಕ ರಾಜ್ಯ ಸರ್ಕಾರಿ ನೌಕರರ ಸಂಘದ ವತಿಯಿಂದ ಸೇವೆಯಲ್ಲಿ ಉತ್ತಮ ಸಾಧನೆ ಮಾಡಿದ ಕಿರಣ್‌ಕುಮಾರ್ ಅವರನ್ನು ಸನ್ಮಾನಿಸಿ ಅಭಿನಂದಿಸಲಾಯಿತು. ಸಂಘದ ಅಧ್ಯಕ್ಷರು, ಪದಾಧಿಕಾರಿಗಳು ಉಪಸ್ಥಿತರಿದ್ದರು. ನೌಕರರ ಹಿತರಕ್ಷಣೆಗೆ ಸಂಘ ಸದಾ ಬದ್ಧವಾಗಿದೆ ಎಂದರು.
ನವದೆಹಲಿ ನ. ೧೩: ಕರ್ನಾಟಕ ಮತ್ತು ತಮಿಳುನಾಡು ನಡುವಿನ ಕಾವೇರಿ ನದಿ ನೀರು ಹಂಚಿಕೆ ವಿವಾದದ ಭಾಗವಾದ ಮೇಕೆದಾಟು ಯೋಜನೆ ವಿರುದ್ಧ ತಮಿಳುನಾಡು ಸಲ್ಲಿಸಿದ್ದ ಅರ್ಜಿಯನ್ನು ಸುಪ್ರೀಂ ಕೋರ್ಟ್ ವಜಾಗೊಳಿಸಿದೆ. ಯೋಜನೆಯ ವಿಸ್ತೃತ ಯೋಜನಾ ವರದಿ ತಯಾರಿಕೆ ಹಂತದಲ್ಲಿ ಮಧ್ಯಪ್ರವೇಶ ಮಾಡಲು ನ್ಯಾಯಪೀಠ ನಿರಾಕರಿಸಿತು.
ಜಯಕರ್ನಾಟಕದಿಂದ ಶಂಕರನಾಗ್ ಪುಣ್ಯಸ್ಮರಣೆ
ಕೋಲಾರ ನ. ೧೩: ಜಯ ಕರ್ನಾಟಕ ಜನಪರ ವೇದಿಕೆ ವತಿಯಿಂದ ನಗರದಲ್ಲಿ ನಟ ಶಂಕರನಾಗ್ ಅವರ ಪುಣ್ಯಸ್ಮರಣೆ ಅಂಗವಾಗಿ ಆಟೋ ಚಾಲಕರಿಗೆ ಸಿಹಿ ಹಂಚಲಾಯಿತು. ಕನ್ನಡ ಚಿತ್ರರಂಗಕ್ಕೆ ಶಂಕರನಾಗ್ ಕೊಡುಗೆ ಅಪಾರ ಎಂದು ವೇದಿಕೆಯ ಜಿಲ್ಲಾಧ್ಯಕ್ಷರು ಸ್ಮರಿಸಿದರು. ಪದಾಧಿಕಾರಿಗಳು ಭಾಗವಹಿಸಿದ್ದರು. ಕೋಲಾರ ನ. ೧೩: ಜಯ ಕರ್ನಾಟಕ ಜನಪರ ವೇದಿಕೆ ವತಿಯಿಂದ ನಗರದಲ್ಲಿ ನಟ ಶಂಕರನಾಗ್ ಅವರ ಪುಣ್ಯಸ್ಮರಣೆ ಅಂಗವಾಗಿ ಆಟೋ ಚಾಲಕರಿಗೆ ಸಿಹಿ ಹಂಚಲಾಯಿತು. ಕನ್ನಡ ಚಿತ್ರರಂಗಕ್ಕೆ ಶಂಕರನಾಗ್ ಕೊಡುಗೆ ಅಪಾರ ಎಂದು ವೇದಿಕೆಯ ಜಿಲ್ಲಾಧ್ಯಕ್ಷರು ಸ್ಮರಿಸಿದರು. ಪದಾಧಿಕಾರಿಗಳು ಭಾಗವಹಿಸಿದ್ದರು. ಕೋಲಾರ ನ. ೧೩: ಜಯ ಕರ್ನಾಟಕ ಜನಪರ ವೇದಿಕೆ ವತಿಯಿಂದ ನಗರದಲ್ಲಿ ನಟ ಶಂಕರನಾಗ್ ಅವರ ಪುಣ್ಯಸ್ಮರಣೆ ಅಂಗವಾಗಿ ಆಟೋ ಚಾಲಕರಿಗೆ ಸಿಹಿ ಹಂಚಲಾಯಿತು. ಕನ್ನಡ ಚಿತ್ರರಂಗಕ್ಕೆ ಶಂಕರನಾಗ್ ಕೊಡುಗೆ ಅಪಾರ ಎಂದು ವೇದಿಕೆಯ ಜಿಲ್ಲಾಧ್ಯಕ್ಷರು ಸ್ಮರಿಸಿದರು. ಪದಾಧಿಕಾರಿಗಳು ಭಾಗವಹಿಸಿದ್ದರು.
ಟೀಕಾಲೋಕ
• ಜಮೀನುಗಳ ಪೌತಿ ಖಾತೆ ಅಭಿಯಾನ ಸುದ್ದಿ. (ಶಿಕ್ಷಕ) - ಇಷ್ಟು ದಿನಗಳ ಬಳಿಕವಾದರೂ ಎಚ್ಚೆತ್ತರಲ್ಲ! • ಸರ್ಕಾರಿ ಆಸ್ಪತ್ರೆಗಳಲ್ಲಿ ಔಷಧಿ ಕೊರತೆ. (ಡಿ.ಕೆ.ಶಿ. ಸಿಂಧು) - ರೋಗಿಗಳ ಪರದಾಟ ಕೇಳುವವರಾರು? • ಬೆಂಗಳೂರು ರಸ್ತೆ ಗುಂಡಿ ಮುಚ್ಚಲು ಗಡುವು. (ಜನರು) - ಗಡುವಿಗೆ ಗಡುವು ಮುಗಿಯುವುದಿಲ್ಲ.
- ರಾಜಿ
ಸಂಕ್ಷಿಪ್ತ ವಾರ್ತಾ ಚಿತ್ರಲಹರಿ
ಚಿಂತಾಮಣಿ ತಾಲ್ಲೂಕಿನ ಶಾಲೆಯಲ್ಲಿ ಕನ್ನಡ ರಾಜ್ಯೋತ್ಸವ ಹಾಗೂ ಮಕ್ಕಳ ದಿನಾಚರಣೆ ಕಾರ್ಯಕ್ರಮದಲ್ಲಿ ಶಿಕ್ಷಕರು, ಪೋಷಕರು ಮತ್ತು ವಿದ್ಯಾರ್ಥಿಗಳು ಪಾಲ್ಗೊಂಡಿದ್ದರು. ಗಣ್ಯರು ಮಾತನಾಡಿ ಕನ್ನಡ ಭಾಷೆ ಉಳಿಸುವಂತೆ ಕರೆ ನೀಡಿದರು.
ಕೋಲಾರ ನಗರದ ಶ್ರೀ ದೇವಾಲಯದ ಬಳಿ ಕನ್ನಡಪರ ಸಂಘಟನೆಗಳ ವತಿಯಿಂದ ರಾಜ್ಯೋತ್ಸವ ಆಚರಿಸಲಾಯಿತು. ಕಾರ್ಯಕರ್ತರು ಕನ್ನಡ ಧ್ವಜ ಹಿಡಿದು ಮೆರವಣಿಗೆ ನಡೆಸಿದರು. ಸಂಘಟನೆಯ ಪದಾಧಿಕಾರಿಗಳು ಭಾಗವಹಿಸಿದ್ದರು.
ಚಿಂತಾಮಣಿ ಮಾಸ್ತಿ ವಿದ್ಯಾಸಂಸ್ಥೆಯಲ್ಲಿ ಸಾಧಕರಿಗೆ ಸನ್ಮಾನ ಕಾರ್ಯಕ್ರಮ ನಡೆಯಿತು. ನಿವೃತ್ತ ಶಿಕ್ಷಕರು ಹಾಗೂ ಸಮಾಜ ಸೇವಕರನ್ನು ಗೌರವಿಸಲಾಯಿತು.
ಸಾಹಿತ್ಯದಿಂದ ಉತ್ತಮ ಗಾಯನ ಕಾರ್ಯಕ್ರಮ
ಕೋಲಾರ ನ. ೧೩: ಸಾಹಿತ್ಯ ವೇದಿಕೆ ವತಿಯಿಂದ ನಗರದಲ್ಲಿ ಗಾಯನ ಕಾರ್ಯಕ್ರಮ ಏರ್ಪಡಿಸಲಾಗಿತ್ತು. ಸ್ಥಳೀಯ ಕಲಾವಿದರು ಭಾವಗೀತೆ, ಜಾನಪದ ಗೀತೆಗಳನ್ನು ಹಾಡಿ ಪ್ರೇಕ್ಷಕರನ್ನು ರಂಜಿಸಿದರು. ಕಾರ್ಯಕ್ರಮದಲ್ಲಿ ಸಾಹಿತಿಗಳು ಹಾಗೂ ಗಣ್ಯರು ಉಪಸ್ಥಿತರಿದ್ದರು.
